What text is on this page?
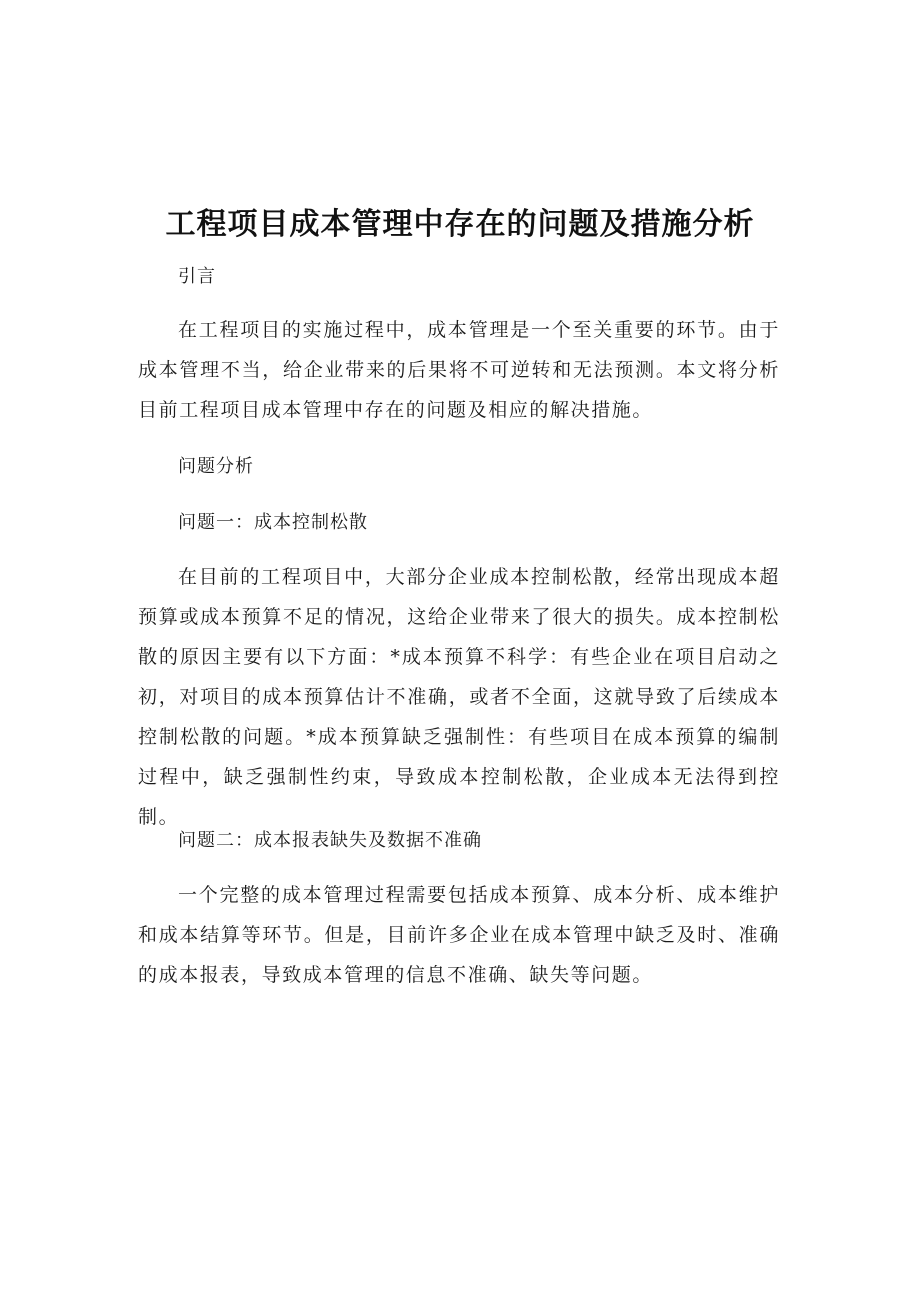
工程项目成本管理中存在的问题及措施分析

引言

在工程项目的实施过程中，成本管理是一个至关重要的环节。由于成本管理不当，给企业带来的后果将不可逆转和无法预测。本文将分析目前工程项目成本管理中存在的问题及相应的解决措施。

问题分析

问题一：成本控制松散

在目前的工程项目中，大部分企业成本控制松散，经常出现成本超预算或成本预算不足的情况，这给企业带来了很大的损失。成本控制松散的原因主要有以下方面：*成本预算不科学：有些企业在项目启动之初，对项目的成本预算估计不准确，或者不全面，这就导致了后续成本控制松散的问题。*成本预算缺乏强制性：有些项目在成本预算的编制过程中，缺乏强制性约束，导致成本控制松散，企业成本无法得到控制。

问题二：成本报表缺失及数据不准确

一个完整的成本管理过程需要包括成本预算、成本分析、成本维护和成本结算等环节。但是，目前许多企业在成本管理中缺乏及时、准确的成本报表，导致成本管理的信息不准确、缺失等问题。
